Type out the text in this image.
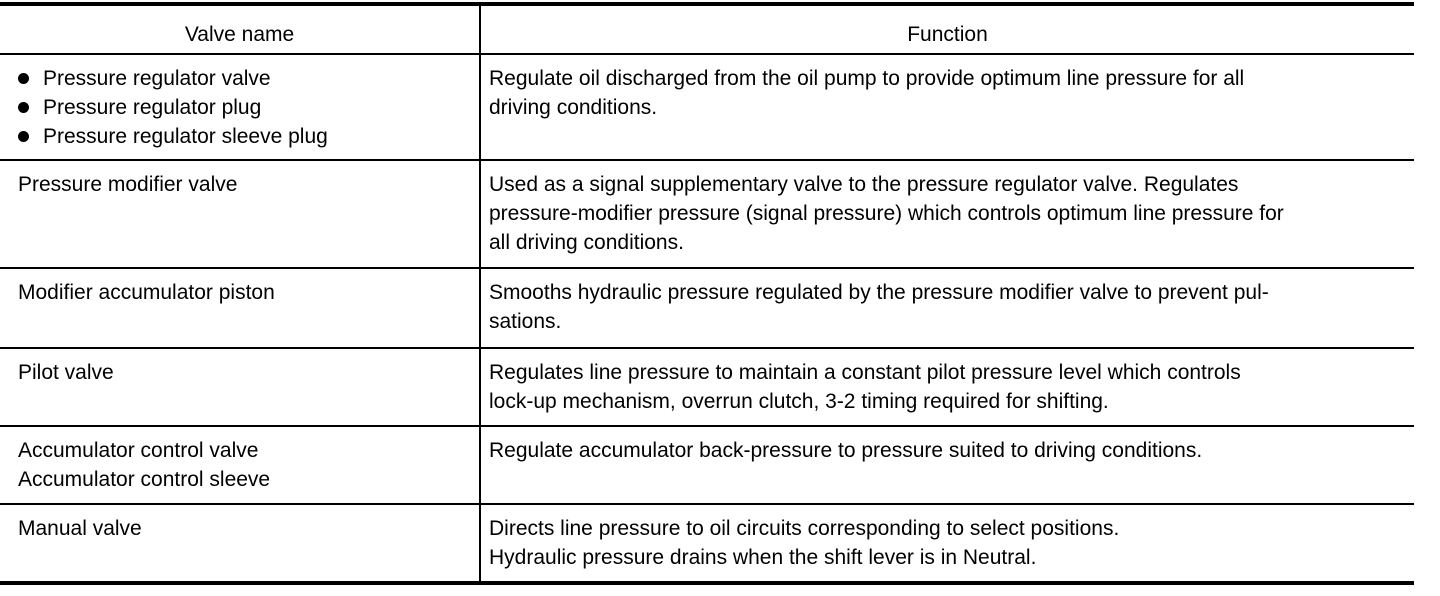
Valve name	Function

Pressure regulator valve
Pressure regulator plug
Pressure regulator sleeve plug	Regulate oil discharged from the oil pump to provide optimum line pressure for all
driving conditions.

Pressure modifier valve	Used as a signal supplementary valve to the pressure regulator valve. Regulates
pressure-modifier pressure (signal pressure) which controls optimum line pressure for
all driving conditions.

Modifier accumulator piston	Smooths hydraulic pressure regulated by the pressure modifier valve to prevent pul-
sations.

Pilot valve	Regulates line pressure to maintain a constant pilot pressure level which controls
lock-up mechanism, overrun clutch, 3-2 timing required for shifting.

Accumulator control valve
Accumulator control sleeve	Regulate accumulator back-pressure to pressure suited to driving conditions.

Manual valve	Directs line pressure to oil circuits corresponding to select positions.
Hydraulic pressure drains when the shift lever is in Neutral.
